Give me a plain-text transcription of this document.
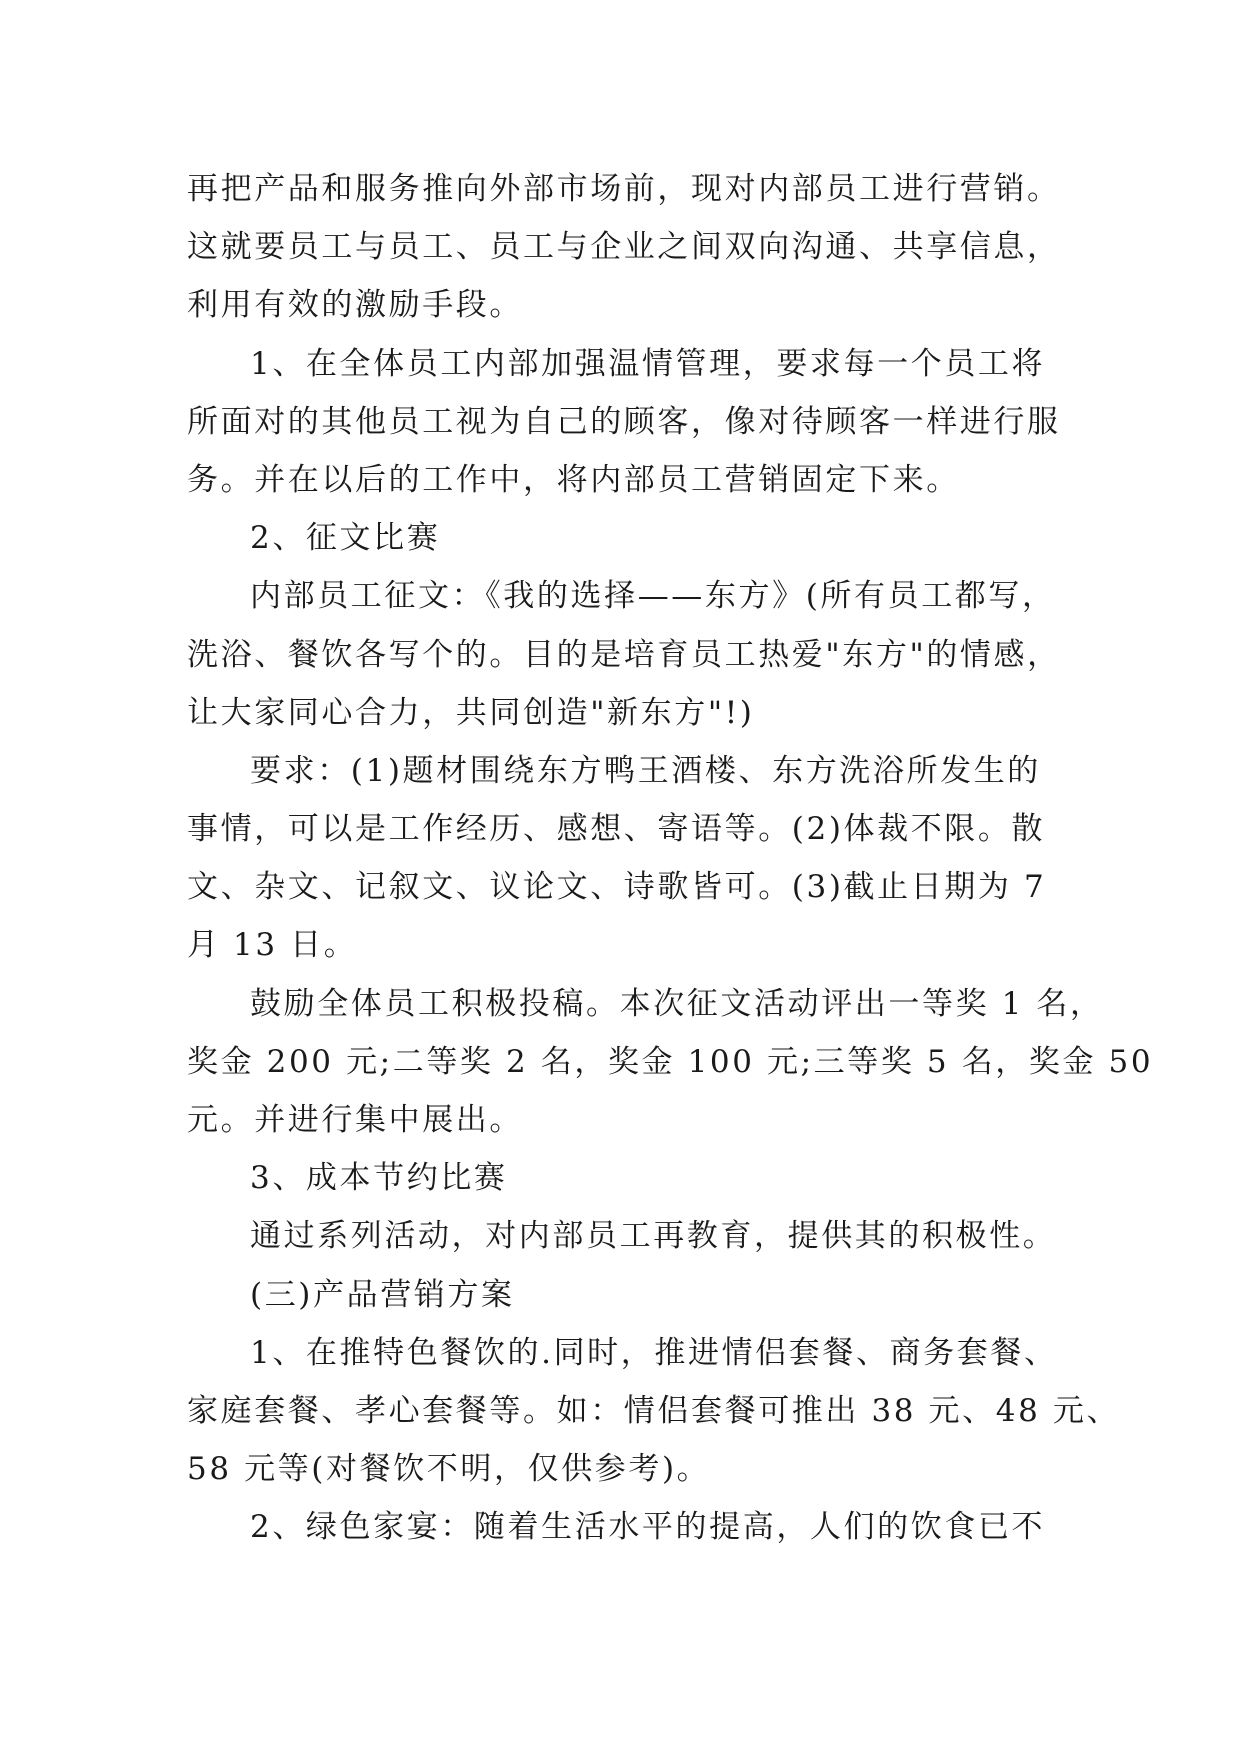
再把产品和服务推向外部市场前，现对内部员工进行营销。
这就要员工与员工、员工与企业之间双向沟通、共享信息，
利用有效的激励手段。

1、在全体员工内部加强温情管理，要求每一个员工将
所面对的其他员工视为自己的顾客，像对待顾客一样进行服
务。并在以后的工作中，将内部员工营销固定下来。

2、征文比赛

内部员工征文：《我的选择——东方》(所有员工都写，
洗浴、餐饮各写个的。目的是培育员工热爱"东方"的情感，
让大家同心合力，共同创造"新东方"!)

要求：(1)题材围绕东方鸭王酒楼、东方洗浴所发生的
事情，可以是工作经历、感想、寄语等。(2)体裁不限。散
文、杂文、记叙文、议论文、诗歌皆可。(3)截止日期为 7
月 13 日。

鼓励全体员工积极投稿。本次征文活动评出一等奖 1 名，
奖金 200 元;二等奖 2 名，奖金 100 元;三等奖 5 名，奖金 50
元。并进行集中展出。

3、成本节约比赛

通过系列活动，对内部员工再教育，提供其的积极性。

(三)产品营销方案

1、在推特色餐饮的.同时，推进情侣套餐、商务套餐、
家庭套餐、孝心套餐等。如：情侣套餐可推出 38 元、48 元、
58 元等(对餐饮不明，仅供参考)。

2、绿色家宴：随着生活水平的提高，人们的饮食已不
